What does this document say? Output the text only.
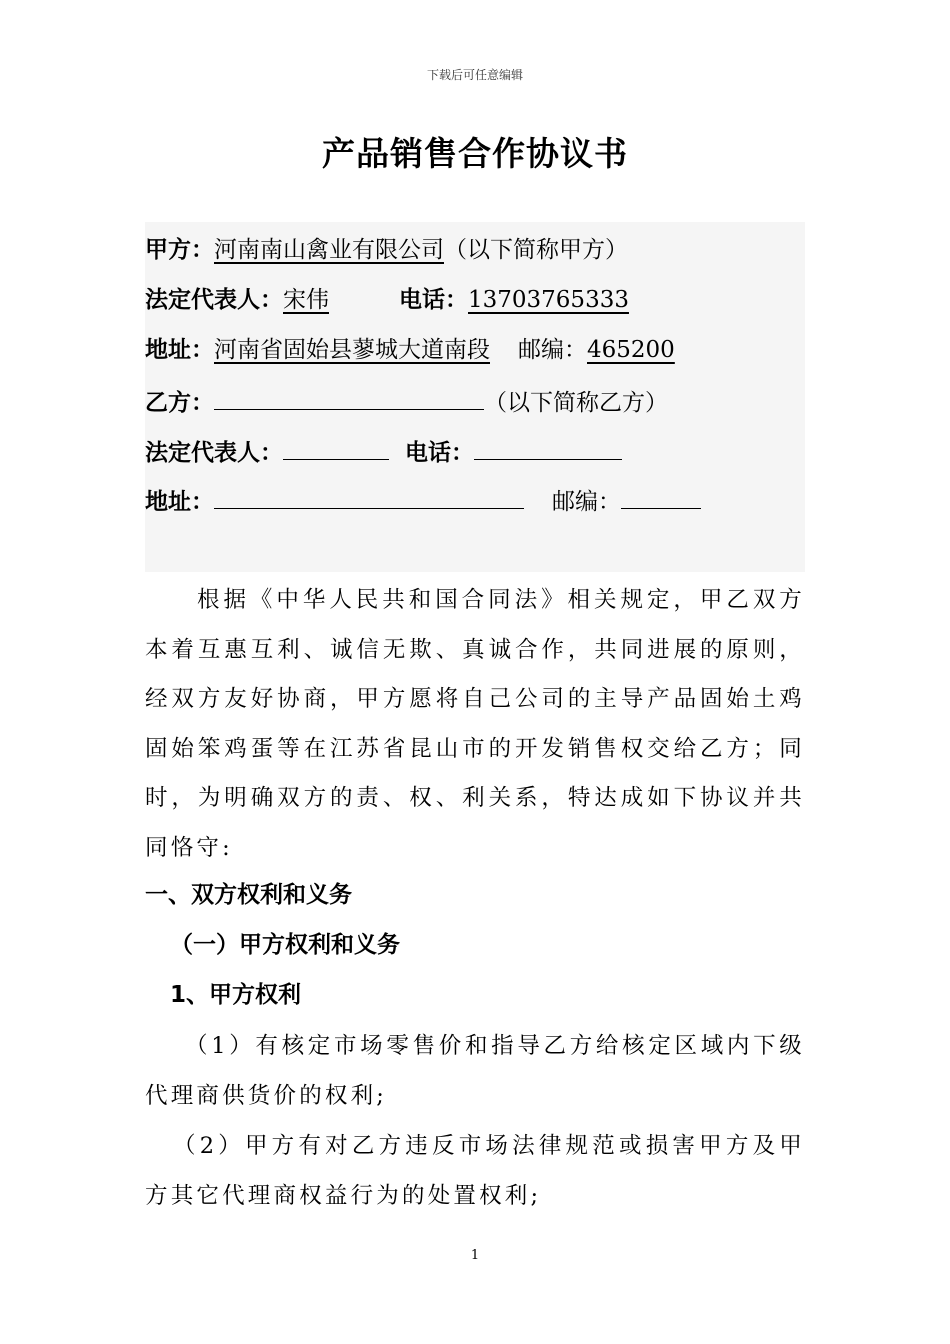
下载后可任意编辑
产品销售合作协议书
甲方：河南南山禽业有限公司（以下简称甲方）
法定代表人：宋伟	电话：13703765333
地址：河南省固始县蓼城大道南段 邮编：465200
乙方：	（以下简称乙方）
法定代表人：	电话：
地址：	邮编：
根据《中华人民共和国合同法》相关规定，甲乙双方本着互惠互利、诚信无欺、真诚合作，共同进展的原则，经双方友好协商，甲方愿将自己公司的主导产品固始土鸡固始笨鸡蛋等在江苏省昆山市的开发销售权交给乙方；同时，为明确双方的责、权、利关系，特达成如下协议并共同恪守:
一、双方权利和义务
（一）甲方权利和义务
1、甲方权利
（1）有核定市场零售价和指导乙方给核定区域内下级代理商供货价的权利;
（2）甲方有对乙方违反市场法律规范或损害甲方及甲方其它代理商权益行为的处置权利;
1
